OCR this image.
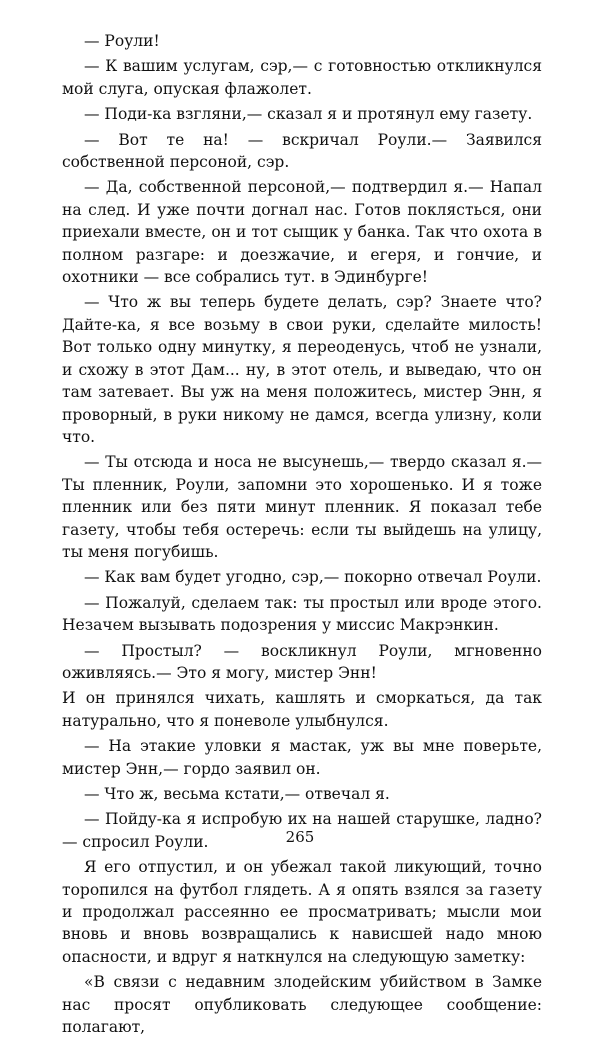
— Роули!

— К вашим услугам, сэр,— с готовностью откликнулся мой слуга, опуская флажолет.

— Поди-ка взгляни,— сказал я и протянул ему газету.

— Вот те на! — вскричал Роули.— Заявился собственной персоной, сэр.

— Да, собственной персоной,— подтвердил я.— Напал на след. И уже почти догнал нас. Готов поклясться, они приехали вместе, он и тот сыщик у банка. Так что охота в полном разгаре: и доезжачие, и егеря, и гончие, и охотники — все собрались тут. в Эдинбурге!

— Что ж вы теперь будете делать, сэр? Знаете что? Дайте-ка, я все возьму в свои руки, сделайте милость! Вот только одну минутку, я переоденусь, чтоб не узнали, и схожу в этот Дам... ну, в этот отель, и выведаю, что он там затевает. Вы уж на меня положитесь, мистер Энн, я проворный, в руки никому не дамся, всегда улизну, коли что.

— Ты отсюда и носа не высунешь,— твердо сказал я.— Ты пленник, Роули, запомни это хорошенько. И я тоже пленник или без пяти минут пленник. Я показал тебе газету, чтобы тебя остеречь: если ты выйдешь на улицу, ты меня погубишь.

— Как вам будет угодно, сэр,— покорно отвечал Роули.

— Пожалуй, сделаем так: ты простыл или вроде этого. Незачем вызывать подозрения у миссис Макрэнкин.

— Простыл? — воскликнул Роули, мгновенно оживляясь.— Это я могу, мистер Энн!

И он принялся чихать, кашлять и сморкаться, да так натурально, что я поневоле улыбнулся.

— На этакие уловки я мастак, уж вы мне поверьте, мистер Энн,— гордо заявил он.

— Что ж, весьма кстати,— отвечал я.

— Пойду-ка я испробую их на нашей старушке, ладно? — спросил Роули.

Я его отпустил, и он убежал такой ликующий, точно торопился на футбол глядеть. А я опять взялся за газету и продолжал рассеянно ее просматривать; мысли мои вновь и вновь возвращались к нависшей надо мною опасности, и вдруг я наткнулся на следующую заметку:

«В связи с недавним злодейским убийством в Замке нас просят опубликовать следующее сообщение: полагают,

265
